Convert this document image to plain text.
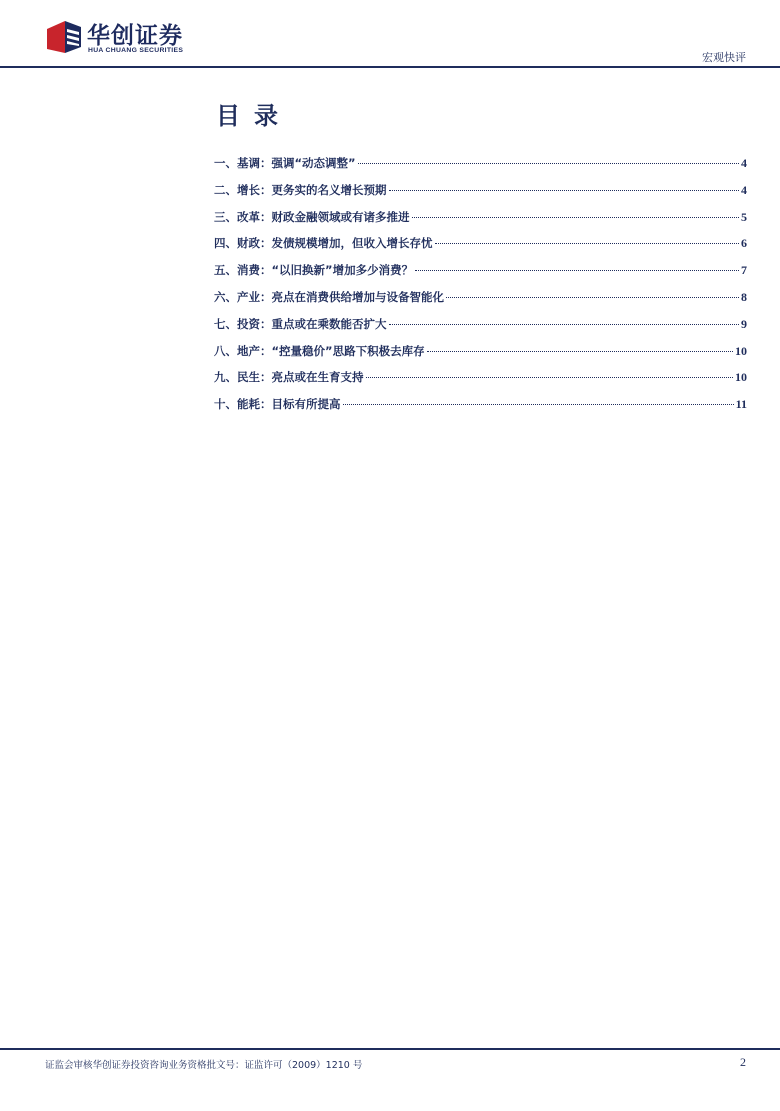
华创证券
HUA CHUANG SECURITIES
宏观快评
目录
一、基调：强调“动态调整”	4
二、增长：更务实的名义增长预期	4
三、改革：财政金融领域或有诸多推进	5
四、财政：发债规模增加，但收入增长存忧	6
五、消费：“以旧换新”增加多少消费？	7
六、产业：亮点在消费供给增加与设备智能化	8
七、投资：重点或在乘数能否扩大	9
八、地产：“控量稳价”思路下积极去库存	10
九、民生：亮点或在生育支持	10
十、能耗：目标有所提高	11
证监会审核华创证券投资咨询业务资格批文号：证监许可（2009）1210 号	2
